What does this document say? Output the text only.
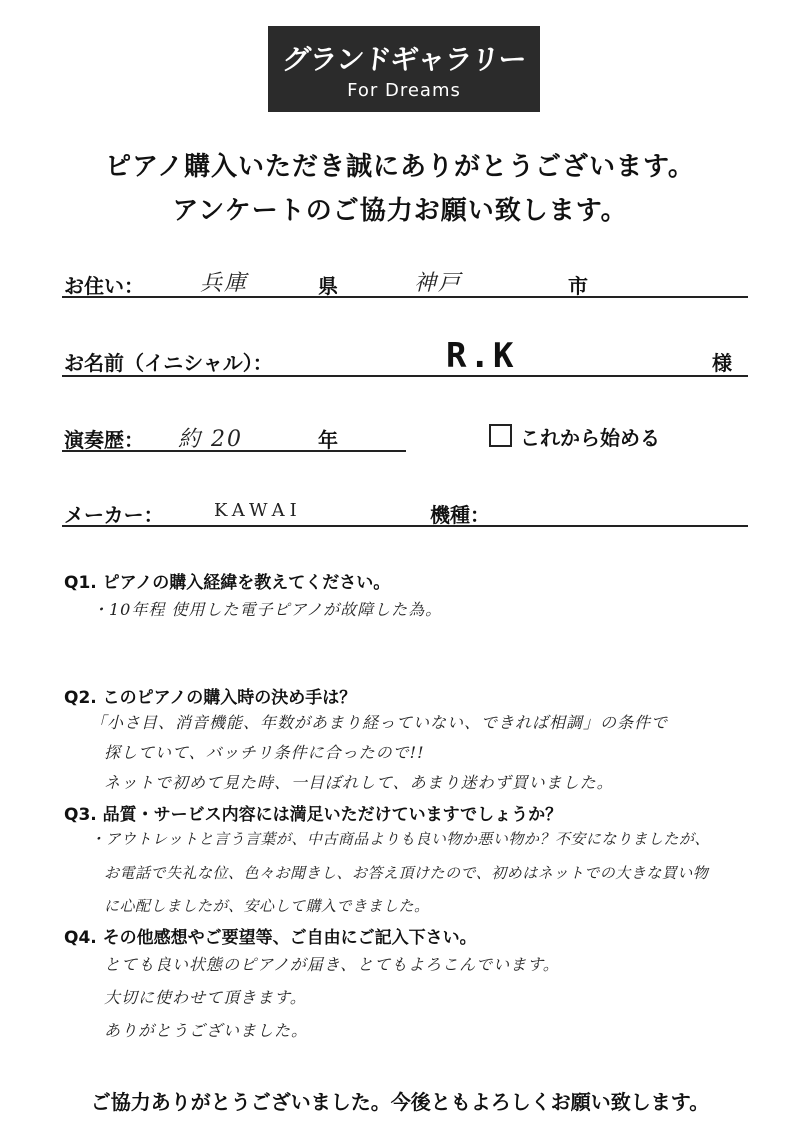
グランドギャラリー
For Dreams
ピアノ購入いただき誠にありがとうございます。
アンケートのご協力お願い致します。
お住い：	兵庫	県	神戸	市
お名前（イニシャル）：	R.K	様
演奏歴： 約 20	年	これから始める
メーカー：	KAWAI	機種：
Q1. ピアノの購入経緯を教えてください。
・10年程 使用した電子ピアノが故障した為。
Q2. このピアノの購入時の決め手は？
「小さ目、消音機能、年数があまり経っていない、できれば相調」の条件で
探していて、バッチリ条件に合ったので!!
ネットで初めて見た時、一目ぼれして、あまり迷わず買いました。
Q3. 品質・サービス内容には満足いただけていますでしょうか？
・アウトレットと言う言葉が、中古商品よりも良い物か悪い物か？不安になりましたが、
お電話で失礼な位、色々お聞きし、お答え頂けたので、初めはネットでの大きな買い物
に心配しましたが、安心して購入できました。
Q4. その他感想やご要望等、ご自由にご記入下さい。
とても良い状態のピアノが届き、とてもよろこんでいます。
大切に使わせて頂きます。
ありがとうございました。
ご協力ありがとうございました。今後ともよろしくお願い致します。
